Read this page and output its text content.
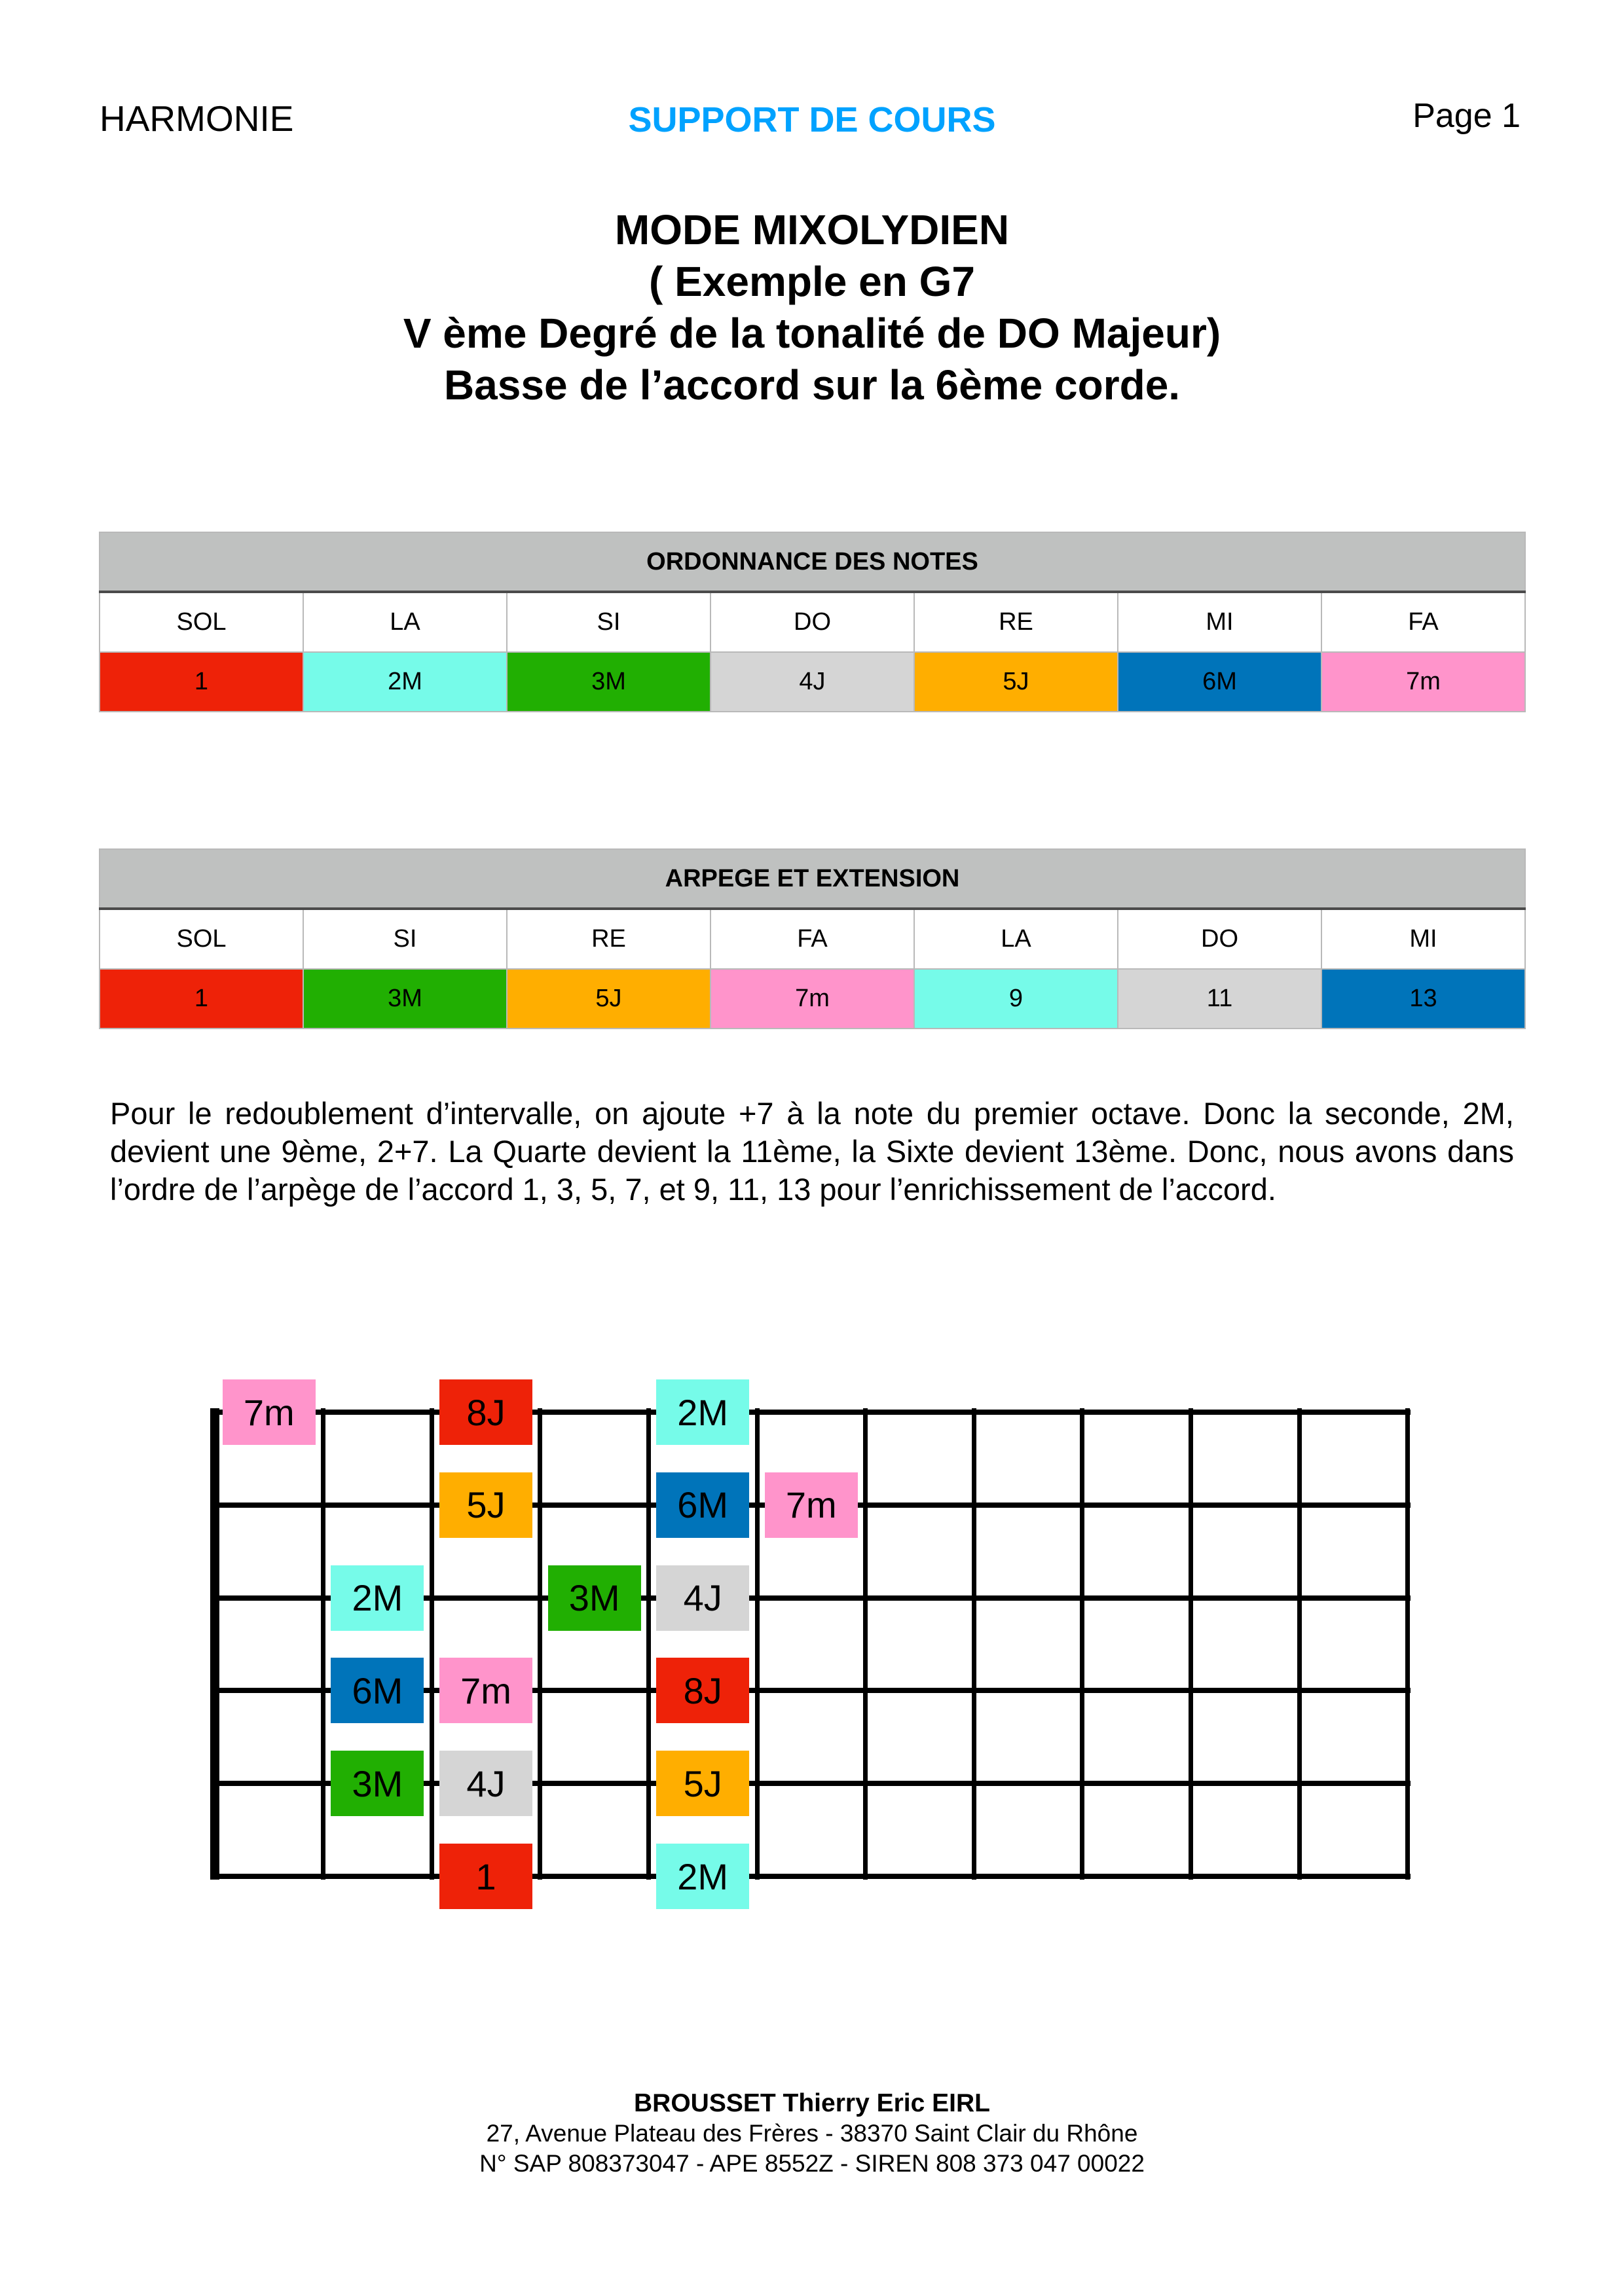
HARMONIE	SUPPORT DE COURS	Page 1
MODE MIXOLYDIEN
( Exemple en G7
V ème Degré de la tonalité de DO Majeur)
Basse de l’accord sur la 6ème corde.
ORDONNANCE DES NOTES						
SOL	LA	SI	DO	RE	MI	FA
1	2M	3M	4J	5J	6M	7m
ARPEGE ET EXTENSION						
SOL	SI	RE	FA	LA	DO	MI
1	3M	5J	7m	9	11	13
Pour le redoublement d’intervalle, on ajoute +7 à la note du premier octave. Donc la seconde, 2M, devient une 9ème, 2+7. La Quarte devient la 11ème, la Sixte devient 13ème. Donc, nous avons dans l’ordre de l’arpège de l’accord 1, 3, 5, 7, et 9, 11, 13 pour l’enrichissement de l’accord.
7m	8J	2M
5J	6M	7m
2M	3M	4J
6M	7m	8J
3M	4J	5J
1	2M
BROUSSET Thierry Eric EIRL
27, Avenue Plateau des Frères - 38370 Saint Clair du Rhône
N° SAP 808373047 - APE 8552Z - SIREN 808 373 047 00022
